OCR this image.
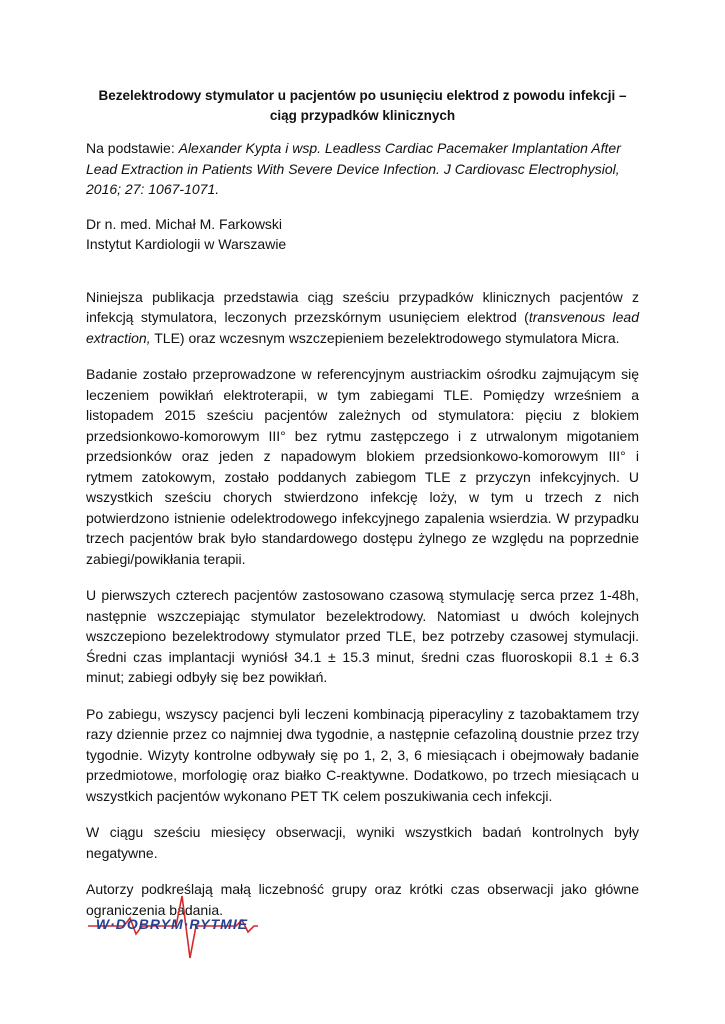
Bezelektrodowy stymulator u pacjentów po usunięciu elektrod z powodu infekcji –
ciąg przypadków klinicznych

Na podstawie: Alexander Kypta i wsp. Leadless Cardiac Pacemaker Implantation After Lead Extraction in Patients With Severe Device Infection. J Cardiovasc Electrophysiol, 2016; 27: 1067-1071.

Dr n. med. Michał M. Farkowski
Instytut Kardiologii w Warszawie

Niniejsza publikacja przedstawia ciąg sześciu przypadków klinicznych pacjentów z infekcją stymulatora, leczonych przezskórnym usunięciem elektrod (transvenous lead extraction, TLE) oraz wczesnym wszczepieniem bezelektrodowego stymulatora Micra.

Badanie zostało przeprowadzone w referencyjnym austriackim ośrodku zajmującym się leczeniem powikłań elektroterapii, w tym zabiegami TLE. Pomiędzy wrześniem a listopadem 2015 sześciu pacjentów zależnych od stymulatora: pięciu z blokiem przedsionkowo-komorowym III° bez rytmu zastępczego i z utrwalonym migotaniem przedsionków oraz jeden z napadowym blokiem przedsionkowo-komorowym III° i rytmem zatokowym, zostało poddanych zabiegom TLE z przyczyn infekcyjnych. U wszystkich sześciu chorych stwierdzono infekcję loży, w tym u trzech z nich potwierdzono istnienie odelektrodowego infekcyjnego zapalenia wsierdzia. W przypadku trzech pacjentów brak było standardowego dostępu żylnego ze względu na poprzednie zabiegi/powikłania terapii.

U pierwszych czterech pacjentów zastosowano czasową stymulację serca przez 1-48h, następnie wszczepiając stymulator bezelektrodowy. Natomiast u dwóch kolejnych wszczepiono bezelektrodowy stymulator przed TLE, bez potrzeby czasowej stymulacji. Średni czas implantacji wyniósł 34.1 ± 15.3 minut, średni czas fluoroskopii 8.1 ± 6.3 minut; zabiegi odbyły się bez powikłań.

Po zabiegu, wszyscy pacjenci byli leczeni kombinacją piperacyliny z tazobaktamem trzy razy dziennie przez co najmniej dwa tygodnie, a następnie cefazoliną doustnie przez trzy tygodnie. Wizyty kontrolne odbywały się po 1, 2, 3, 6 miesiącach i obejmowały badanie przedmiotowe, morfologię oraz białko C-reaktywne. Dodatkowo, po trzech miesiącach u wszystkich pacjentów wykonano PET TK celem poszukiwania cech infekcji.

W ciągu sześciu miesięcy obserwacji, wyniki wszystkich badań kontrolnych były negatywne.

Autorzy podkreślają małą liczebność grupy oraz krótki czas obserwacji jako główne ograniczenia badania.

W·DOBRYM·RYTMIE
